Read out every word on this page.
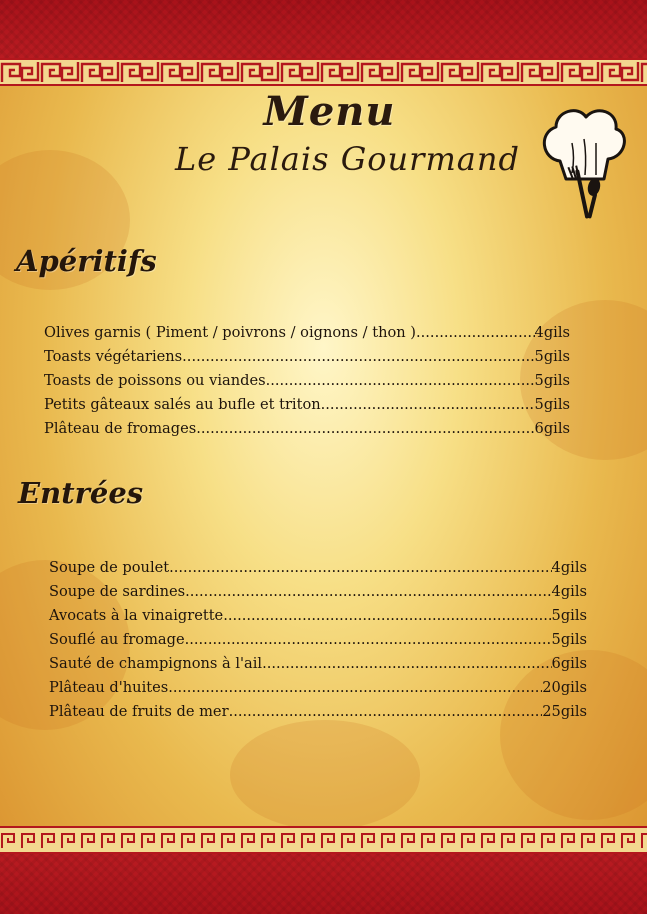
Menu
Le Palais Gourmand
Apéritifs
Olives garnis ( Piment / poivrons / oignons / thon ) .....	4gils
Toasts végétariens .....	5gils
Toasts de poissons ou viandes .....	5gils
Petits gâteaux salés au bufle et triton .....	5gils
Plâteau de fromages .....	6gils
Entrées
Soupe de poulet .....	4gils
Soupe de sardines .....	4gils
Avocats à la vinaigrette .....	5gils
Souflé au fromage .....	5gils
Sauté de champignons à l'ail .....	6gils
Plâteau d'huites .....	20gils
Plâteau de fruits de mer .....	25gils
